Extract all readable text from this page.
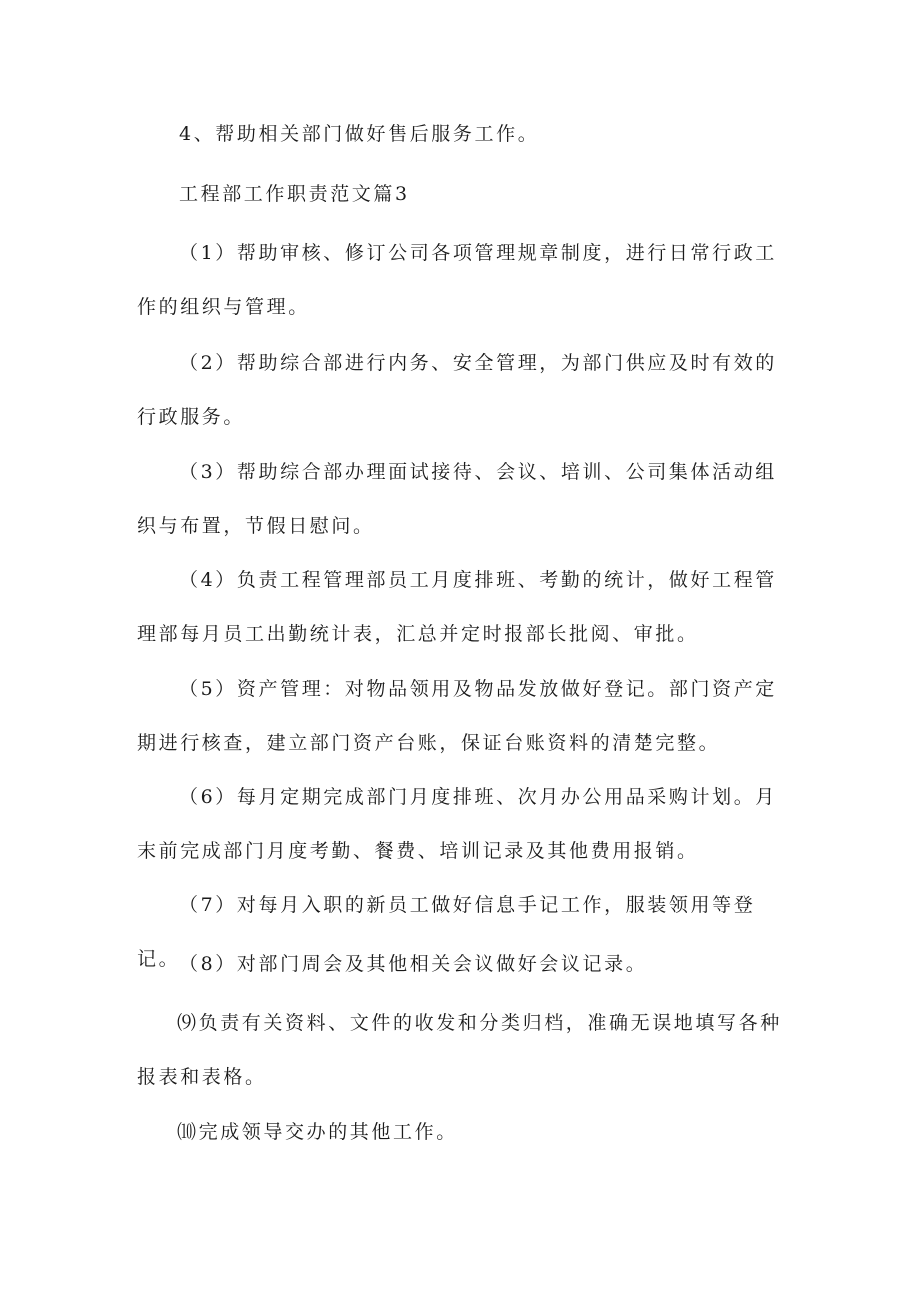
4、帮助相关部门做好售后服务工作。

工程部工作职责范文篇3

（1）帮助审核、修订公司各项管理规章制度，进行日常行政工作的组织与管理。

（2）帮助综合部进行内务、安全管理，为部门供应及时有效的行政服务。

（3）帮助综合部办理面试接待、会议、培训、公司集体活动组织与布置，节假日慰问。

（4）负责工程管理部员工月度排班、考勤的统计，做好工程管理部每月员工出勤统计表，汇总并定时报部长批阅、审批。

（5）资产管理：对物品领用及物品发放做好登记。部门资产定期进行核查，建立部门资产台账，保证台账资料的清楚完整。

（6）每月定期完成部门月度排班、次月办公用品采购计划。月末前完成部门月度考勤、餐费、培训记录及其他费用报销。

（7）对每月入职的新员工做好信息手记工作，服装领用等登记。

（8）对部门周会及其他相关会议做好会议记录。

⑼负责有关资料、文件的收发和分类归档，准确无误地填写各种报表和表格。

⑽完成领导交办的其他工作。
